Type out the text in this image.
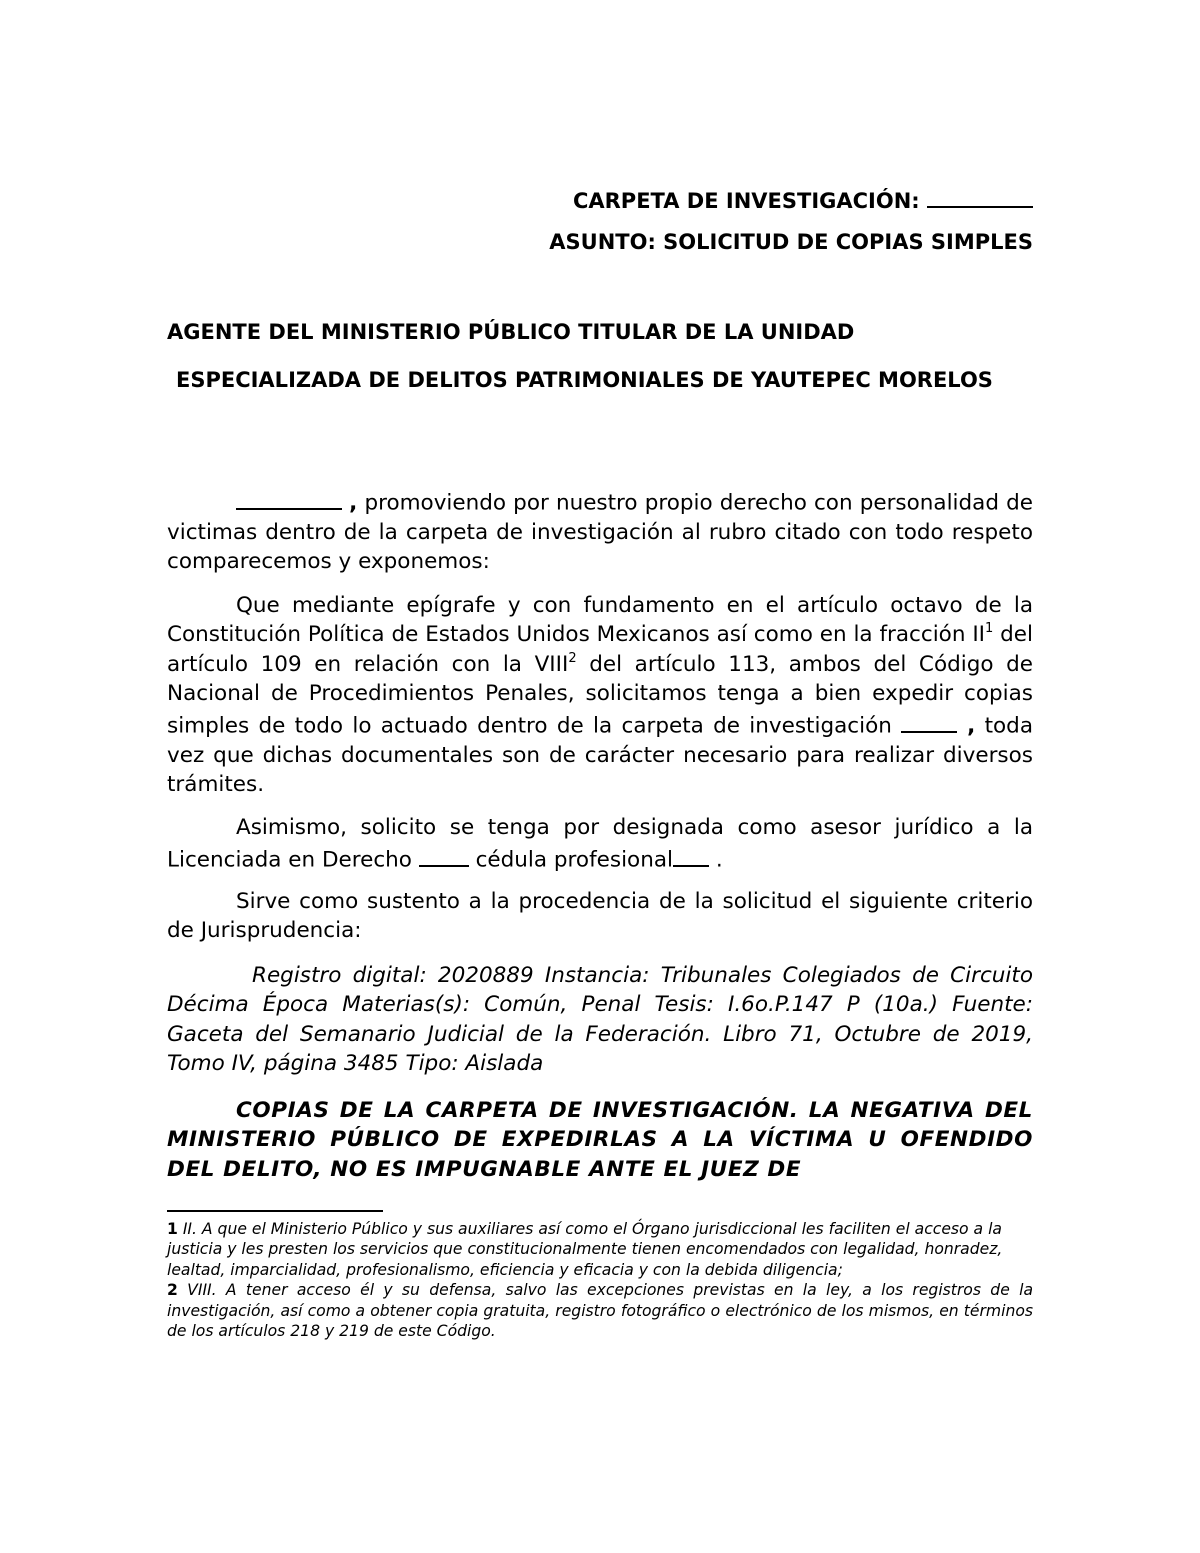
CARPETA DE INVESTIGACIÓN:
ASUNTO: SOLICITUD DE COPIAS SIMPLES
AGENTE DEL MINISTERIO PÚBLICO TITULAR DE LA UNIDAD
ESPECIALIZADA DE DELITOS PATRIMONIALES DE YAUTEPEC MORELOS
, promoviendo por nuestro propio derecho con personalidad de victimas dentro de la carpeta de investigación al rubro citado con todo respeto comparecemos y exponemos:
Que mediante epígrafe y con fundamento en el artículo octavo de la Constitución Política de Estados Unidos Mexicanos así como en la fracción $II^1$ del artículo 109 en relación con la VIII$^2$ del artículo 113, ambos del Código de Nacional de Procedimientos Penales, solicitamos tenga a bien expedir copias simples de todo lo actuado dentro de la carpeta de investigación	, toda vez que dichas documentales son de carácter necesario para realizar diversos trámites.
Asimismo, solicito se tenga por designada como asesor jurídico a la Licenciada en Derecho  cédula profesional .
Sirve como sustento a la procedencia de la solicitud el siguiente criterio de Jurisprudencia:
Registro digital: 2020889 Instancia: Tribunales Colegiados de Circuito Décima Época Materias(s): Común, Penal Tesis: I.6o.P.147 P (10a.) Fuente: Gaceta del Semanario Judicial de la Federación. Libro 71, Octubre de 2019, Tomo IV, página 3485 Tipo: Aislada
COPIAS DE LA CARPETA DE INVESTIGACIÓN. LA NEGATIVA DEL MINISTERIO PÚBLICO DE EXPEDIRLAS A LA VÍCTIMA U OFENDIDO DEL DELITO, NO ES IMPUGNABLE ANTE EL JUEZ DE
1 II. A que el Ministerio Público y sus auxiliares así como el Órgano jurisdiccional les faciliten el acceso a la justicia y les presten los servicios que constitucionalmente tienen encomendados con legalidad, honradez, lealtad, imparcialidad, profesionalismo, eficiencia y eficacia y con la debida diligencia;
2 VIII. A tener acceso él y su defensa, salvo las excepciones previstas en la ley, a los registros de la investigación, así como a obtener copia gratuita, registro fotográfico o electrónico de los mismos, en términos de los artículos 218 y 219 de este Código.
